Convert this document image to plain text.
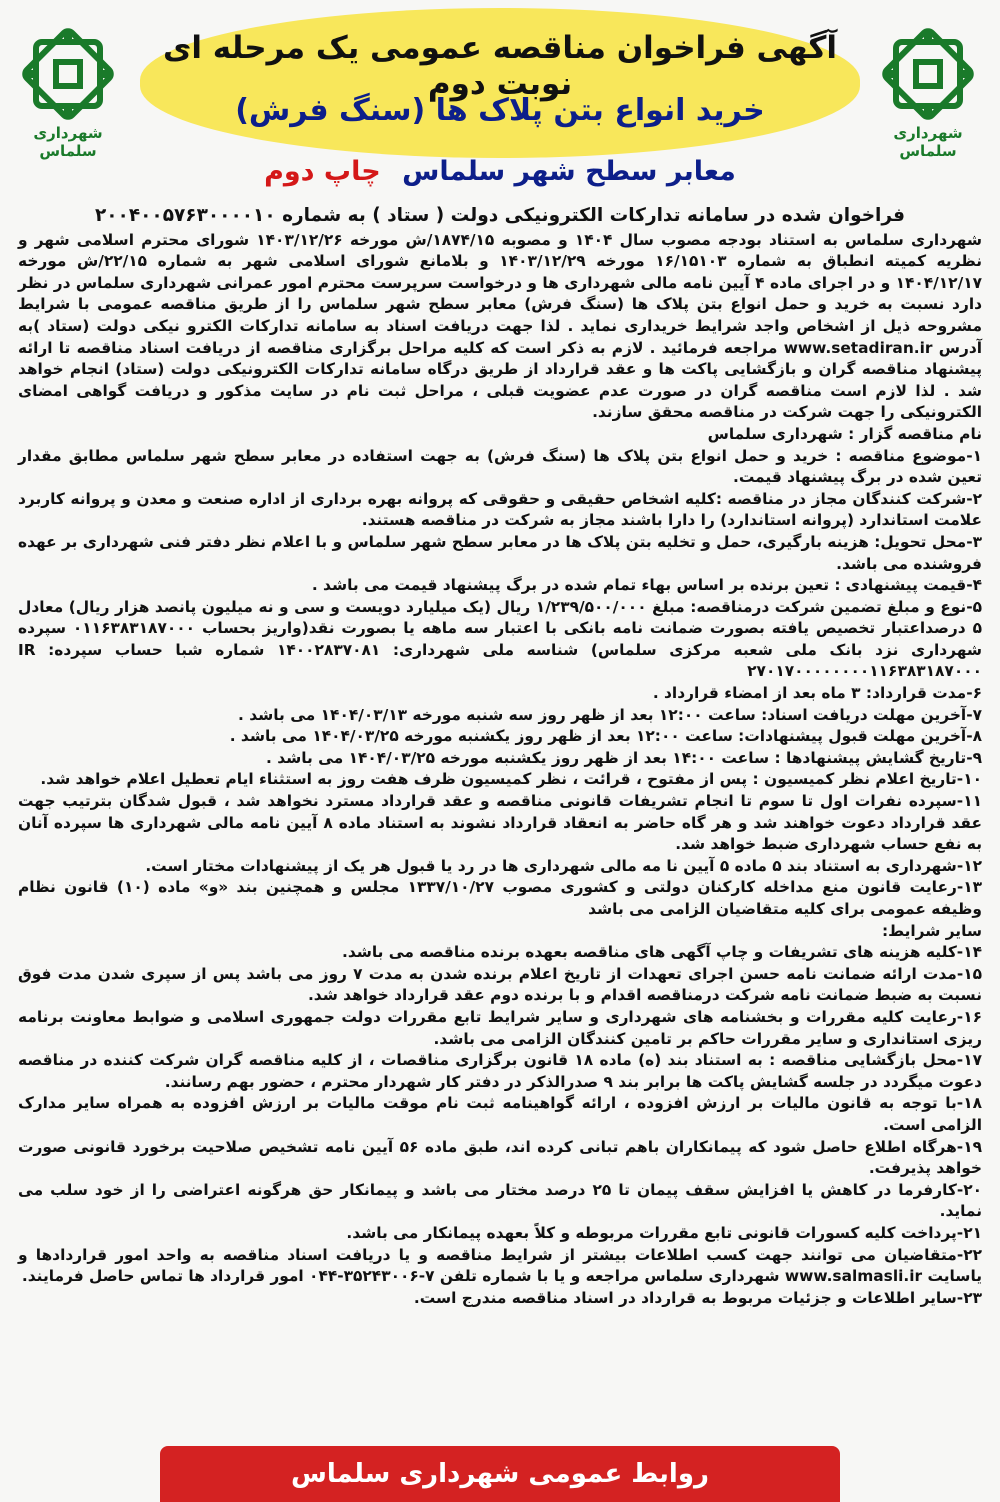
شهرداری سلماس
شهرداری سلماس
آگهی فراخوان مناقصه عمومی یک مرحله ای نوبت دوم
خرید انواع بتن پلاک ها (سنگ فرش)
معابر سطح شهر سلماس چاپ دوم
فراخوان شده در سامانه تدارکات الکترونیکی دولت ( ستاد ) به شماره ۲۰۰۴۰۰۵۷۶۳۰۰۰۰۱۰

شهرداری سلماس به استناد بودجه مصوب سال ۱۴۰۴ و مصوبه ۱۸۷۴/۱۵/ش مورخه ۱۴۰۳/۱۲/۲۶ شورای محترم اسلامی شهر و نظریه کمیته انطباق به شماره ۱۶/۱۵۱۰۳ مورخه ۱۴۰۳/۱۲/۲۹ و بلامانع شورای اسلامی شهر به شماره ۲۲/۱۵/ش مورخه ۱۴۰۴/۱۲/۱۷ و در اجرای ماده ۴ آیین نامه مالی شهرداری ها و درخواست سرپرست محترم امور عمرانی شهرداری سلماس در نظر دارد نسبت به خرید و حمل انواع بتن پلاک ها (سنگ فرش) معابر سطح شهر سلماس را از طریق مناقصه عمومی با شرایط مشروحه ذیل از اشخاص واجد شرایط خریداری نماید . لذا جهت دریافت اسناد به سامانه تدارکات الکترو نیکی دولت (ستاد )به آدرس www.setadiran.ir مراجعه فرمائید . لازم به ذکر است که کلیه مراحل برگزاری مناقصه از دریافت اسناد مناقصه تا ارائه پیشنهاد مناقصه گران و بازگشایی پاکت ها و عقد قرارداد از طریق درگاه سامانه تدارکات الکترونیکی دولت (ستاد) انجام خواهد شد . لذا لازم است مناقصه گران در صورت عدم عضویت قبلی ، مراحل ثبت نام در سایت مذکور و دریافت گواهی امضای الکترونیکی را جهت شرکت در مناقصه محقق سازند.

نام مناقصه گزار : شهرداری سلماس

۱-موضوع مناقصه : خرید و حمل انواع بتن پلاک ها (سنگ فرش) به جهت استفاده در معابر سطح شهر سلماس مطابق مقدار تعین شده در برگ پیشنهاد قیمت.

۲-شرکت کنندگان مجاز در مناقصه :کلیه اشخاص حقیقی و حقوقی که پروانه بهره برداری از اداره صنعت و معدن و پروانه کاربرد علامت استاندارد (پروانه استاندارد) را دارا باشند مجاز به شرکت در مناقصه هستند.

۳-محل تحویل: هزینه بارگیری، حمل و تخلیه بتن پلاک ها در معابر سطح شهر سلماس و با اعلام نظر دفتر فنی شهرداری بر عهده فروشنده می باشد.

۴-قیمت پیشنهادی : تعین برنده بر اساس بهاء تمام شده در برگ پیشنهاد قیمت می باشد .

۵-نوع و مبلغ تضمین شرکت درمناقصه: مبلغ ۱/۲۳۹/۵۰۰/۰۰۰ ریال (یک میلیارد دویست و سی و نه میلیون پانصد هزار ریال) معادل ۵ درصداعتبار تخصیص یافته بصورت ضمانت نامه بانکی با اعتبار سه ماهه یا بصورت نقد(واریز بحساب ۰۱۱۶۳۸۳۱۸۷۰۰۰ سپرده شهرداری نزد بانک ملی شعبه مرکزی سلماس) شناسه ملی شهرداری: ۱۴۰۰۲۸۳۷۰۸۱ شماره شبا حساب سپرده: IR ۲۷۰۱۷۰۰۰۰۰۰۰۰۱۱۶۳۸۳۱۸۷۰۰۰

۶-مدت قرارداد: ۳ ماه بعد از امضاء قرارداد .

۷-آخرین مهلت دریافت اسناد: ساعت ۱۲:۰۰ بعد از ظهر روز سه شنبه مورخه ۱۴۰۴/۰۳/۱۳ می باشد .

۸-آخرین مهلت قبول پیشنهادات: ساعت ۱۲:۰۰ بعد از ظهر روز یکشنبه مورخه ۱۴۰۴/۰۳/۲۵ می باشد .

۹-تاریخ گشایش پیشنهادها : ساعت ۱۴:۰۰ بعد از ظهر روز یکشنبه مورخه ۱۴۰۴/۰۳/۲۵ می باشد .

۱۰-تاریخ اعلام نظر کمیسیون : پس از مفتوح ، قرائت ، نظر کمیسیون ظرف هفت روز به استثناء ایام تعطیل اعلام خواهد شد.

۱۱-سپرده نفرات اول تا سوم تا انجام تشریفات قانونی مناقصه و عقد قرارداد مسترد نخواهد شد ، قبول شدگان بترتیب جهت عقد قرارداد دعوت خواهند شد و هر گاه حاضر به انعقاد قرارداد نشوند به استناد ماده ۸ آیین نامه مالی شهرداری ها سپرده آنان به نفع حساب شهرداری ضبط خواهد شد.

۱۲-شهرداری به استناد بند ۵ ماده ۵ آیین نا مه مالی شهرداری ها در رد یا قبول هر یک از پیشنهادات مختار است.

۱۳-رعایت قانون منع مداخله کارکنان دولتی و کشوری مصوب ۱۳۳۷/۱۰/۲۷ مجلس و همچنین بند «و» ماده (۱۰) قانون نظام وظیفه عمومی برای کلیه متقاضیان الزامی می باشد

سایر شرایط:

۱۴-کلیه هزینه های تشریفات و چاپ آگهی های مناقصه بعهده برنده مناقصه می باشد.

۱۵-مدت ارائه ضمانت نامه حسن اجرای تعهدات از تاریخ اعلام برنده شدن به مدت ۷ روز می باشد پس از سپری شدن مدت فوق نسبت به ضبط ضمانت نامه شرکت درمناقصه اقدام و با برنده دوم عقد قرارداد خواهد شد.

۱۶-رعایت کلیه مقررات و بخشنامه های شهرداری و سایر شرایط تابع مقررات دولت جمهوری اسلامی و ضوابط معاونت برنامه ریزی استانداری و سایر مقررات حاکم بر تامین کنندگان الزامی می باشد.

۱۷-محل بازگشایی مناقصه : به استناد بند (ه) ماده ۱۸ قانون برگزاری مناقصات ، از کلیه مناقصه گران شرکت کننده در مناقصه دعوت میگردد در جلسه گشایش پاکت ها برابر بند ۹ صدرالذکر در دفتر کار شهردار محترم ، حضور بهم رسانند.

۱۸-با توجه به قانون مالیات بر ارزش افزوده ، ارائه گواهینامه ثبت نام موقت مالیات بر ارزش افزوده به همراه سایر مدارک الزامی است.

۱۹-هرگاه اطلاع حاصل شود که پیمانکاران باهم تبانی کرده اند، طبق ماده ۵۶ آیین نامه تشخیص صلاحیت برخورد قانونی صورت خواهد پذیرفت.

۲۰-کارفرما در کاهش یا افزایش سقف پیمان تا ۲۵ درصد مختار می باشد و پیمانکار حق هرگونه اعتراضی را از خود سلب می نماید.

۲۱-پرداخت کلیه کسورات قانونی تابع مقررات مربوطه و کلاً بعهده پیمانکار می باشد.

۲۲-متقاضیان می توانند جهت کسب اطلاعات بیشتر از شرایط مناقصه و یا دریافت اسناد مناقصه به واحد امور قراردادها و یاسایت www.salmasli.ir شهرداری سلماس مراجعه و یا با شماره تلفن ۷-۳۵۲۴۳۰۰۶-۰۴۴ امور قرارداد ها تماس حاصل فرمایند.

۲۳-سایر اطلاعات و جزئیات مربوط به قرارداد در اسناد مناقصه مندرج است.

روابط عمومی شهرداری سلماس
